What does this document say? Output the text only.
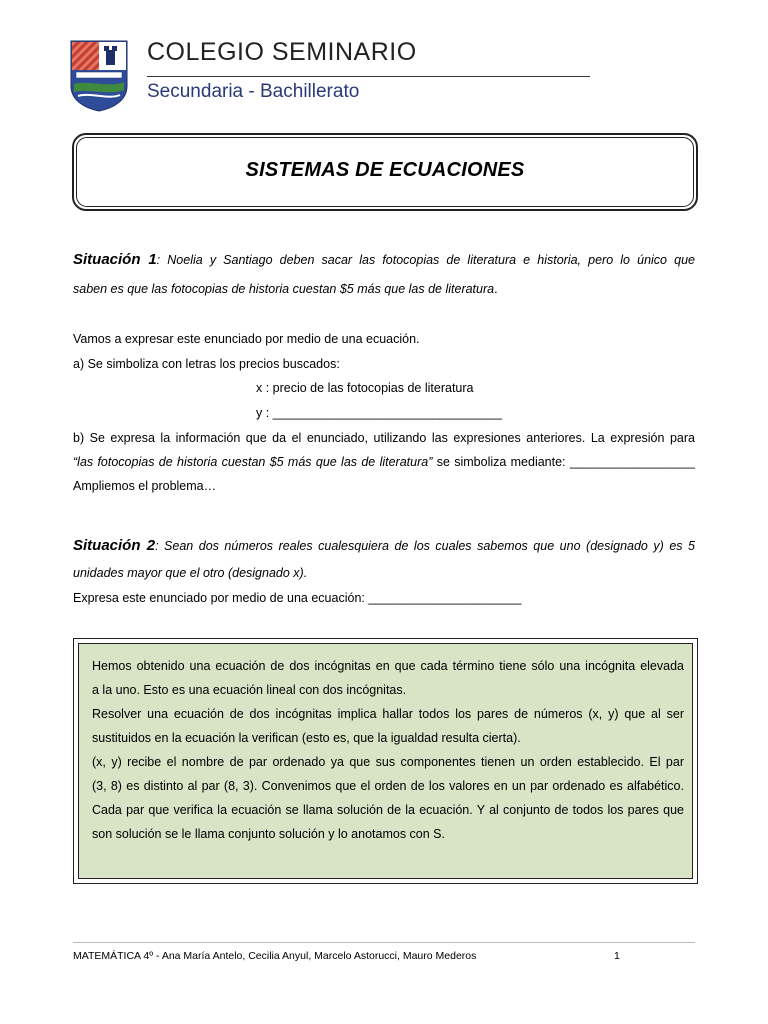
COLEGIO SEMINARIO
Secundaria - Bachillerato
SISTEMAS DE ECUACIONES
Situación 1: Noelia y Santiago deben sacar las fotocopias de literatura e historia, pero lo único que
saben es que las fotocopias de historia cuestan $5 más que las de literatura.
Vamos a expresar este enunciado por medio de una ecuación.
a) Se simboliza con letras los precios buscados:
x : precio de las fotocopias de literatura
y : _________________________________
b) Se expresa la información que da el enunciado, utilizando las expresiones anteriores. La expresión para
“las fotocopias de historia cuestan $5 más que las de literatura” se simboliza mediante: __________________
Ampliemos el problema…
Situación 2: Sean dos números reales cualesquiera de los cuales sabemos que uno (designado y) es 5
unidades mayor que el otro (designado x).
Expresa este enunciado por medio de una ecuación: ______________________
Hemos obtenido una ecuación de dos incógnitas en que cada término tiene sólo una incógnita elevada
a la uno. Esto es una ecuación lineal con dos incógnitas.
Resolver una ecuación de dos incógnitas implica hallar todos los pares de números (x, y) que al ser
sustituidos en la ecuación la verifican (esto es, que la igualdad resulta cierta).
(x, y) recibe el nombre de par ordenado ya que sus componentes tienen un orden establecido. El par
(3, 8) es distinto al par (8, 3). Convenimos que el orden de los valores en un par ordenado es alfabético.
Cada par que verifica la ecuación se llama solución de la ecuación. Y al conjunto de todos los pares que
son solución se le llama conjunto solución y lo anotamos con S.
MATEMÁTICA 4º - Ana María Antelo, Cecilia Anyul, Marcelo Astorucci, Mauro Mederos	1
